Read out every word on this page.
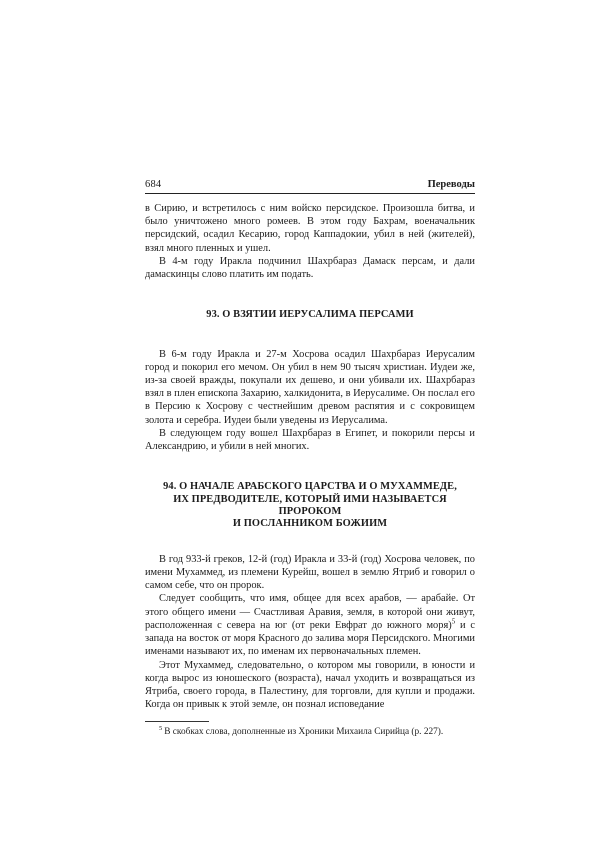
684	Переводы

в Сирию, и встретилось с ним войско персидское. Произошла битва, и было уничтожено много ромеев. В этом году Бахрам, военачальник персидский, осадил Кесарию, город Каппадокии, убил в ней (жителей), взял много пленных и ушел.

В 4-м году Иракла подчинил Шахрбараз Дамаск персам, и дали дамаскинцы слово платить им подать.

93. О ВЗЯТИИ ИЕРУСАЛИМА ПЕРСАМИ

В 6-м году Иракла и 27-м Хосрова осадил Шахрбараз Иерусалим город и покорил его мечом. Он убил в нем 90 тысяч христиан. Иудеи же, из-за своей вражды, покупали их дешево, и они убивали их. Шахрбараз взял в плен епископа Захарию, халкидонита, в Иерусалиме. Он послал его в Персию к Хосрову с честнейшим древом распятия и с сокровищем золота и серебра. Иудеи были уведены из Иерусалима.

В следующем году вошел Шахрбараз в Египет, и покорили персы и Александрию, и убили в ней многих.

94. О НАЧАЛЕ АРАБСКОГО ЦАРСТВА И О МУХАММЕДЕ,
ИХ ПРЕДВОДИТЕЛЕ, КОТОРЫЙ ИМИ НАЗЫВАЕТСЯ ПРОРОКОМ
И ПОСЛАННИКОМ БОЖИИМ

В год 933-й греков, 12-й (год) Иракла и 33-й (год) Хосрова человек, по имени Мухаммед, из племени Курейш, вошел в землю Ятриб и говорил о самом себе, что он пророк.

Следует сообщить, что имя, общее для всех арабов, — арабайе. От этого общего имени — Счастливая Аравия, земля, в которой они живут, расположенная с севера на юг (от реки Евфрат до южного моря)$^5$ и с запада на восток от моря Красного до залива моря Персидского. Многими именами называют их, по именам их первоначальных племен.

Этот Мухаммед, следовательно, о котором мы говорили, в юности и когда вырос из юношеского (возраста), начал уходить и возвращаться из Ятриба, своего города, в Палестину, для торговли, для купли и продажи. Когда он привык к этой земле, он познал исповедание

$^5$ В скобках слова, дополненные из Хроники Михаила Сирийца (р. 227).
